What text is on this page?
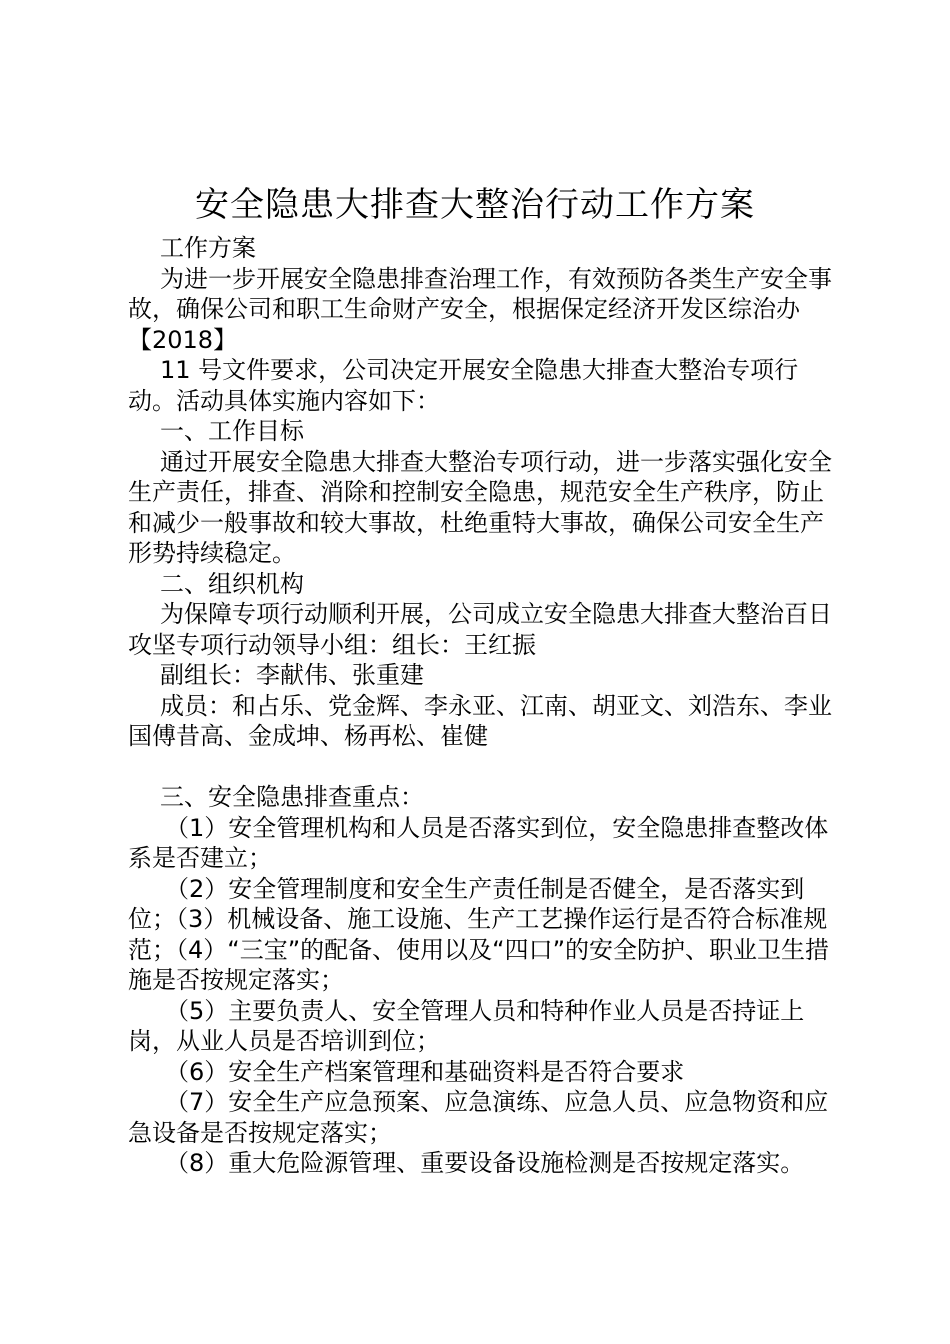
安全隐患大排查大整治行动工作方案

工作方案

为进一步开展安全隐患排查治理工作，有效预防各类生产安全事故，确保公司和职工生命财产安全，根据保定经济开发区综治办【2018】

11 号文件要求，公司决定开展安全隐患大排查大整治专项行动。活动具体实施内容如下：

一、工作目标

通过开展安全隐患大排查大整治专项行动，进一步落实强化安全生产责任，排查、消除和控制安全隐患，规范安全生产秩序，防止和减少一般事故和较大事故，杜绝重特大事故，确保公司安全生产形势持续稳定。

二、组织机构

为保障专项行动顺利开展，公司成立安全隐患大排查大整治百日攻坚专项行动领导小组：组长：王红振

副组长：李献伟、张重建

成员：和占乐、党金辉、李永亚、江南、胡亚文、刘浩东、李业国傅昔高、金成坤、杨再松、崔健

三、安全隐患排查重点：

（1）安全管理机构和人员是否落实到位，安全隐患排查整改体系是否建立；

（2）安全管理制度和安全生产责任制是否健全，是否落实到位；（3）机械设备、施工设施、生产工艺操作运行是否符合标准规范；（4）“三宝”的配备、使用以及“四口”的安全防护、职业卫生措施是否按规定落实；

（5）主要负责人、安全管理人员和特种作业人员是否持证上岗，从业人员是否培训到位；

（6）安全生产档案管理和基础资料是否符合要求

（7）安全生产应急预案、应急演练、应急人员、应急物资和应急设备是否按规定落实；

（8）重大危险源管理、重要设备设施检测是否按规定落实。
